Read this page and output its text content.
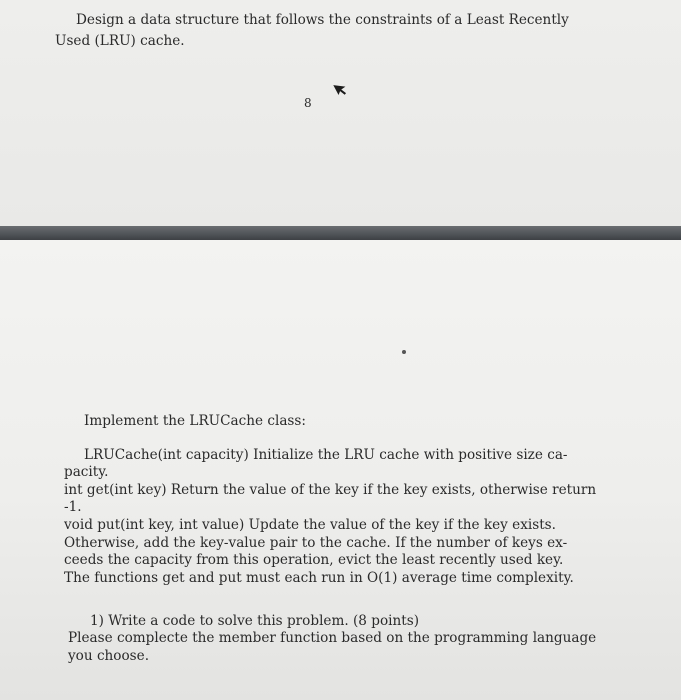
Design a data structure that follows the constraints of a Least Recently

Used (LRU) cache.

8

Implement the LRUCache class:

LRUCache(int capacity) Initialize the LRU cache with positive size ca-

pacity.

int get(int key) Return the value of the key if the key exists, otherwise return

-1.

void put(int key, int value) Update the value of the key if the key exists.

Otherwise, add the key-value pair to the cache. If the number of keys ex-

ceeds the capacity from this operation, evict the least recently used key.

The functions get and put must each run in O(1) average time complexity.

1) Write a code to solve this problem. (8 points)

Please complecte the member function based on the programming language

you choose.
